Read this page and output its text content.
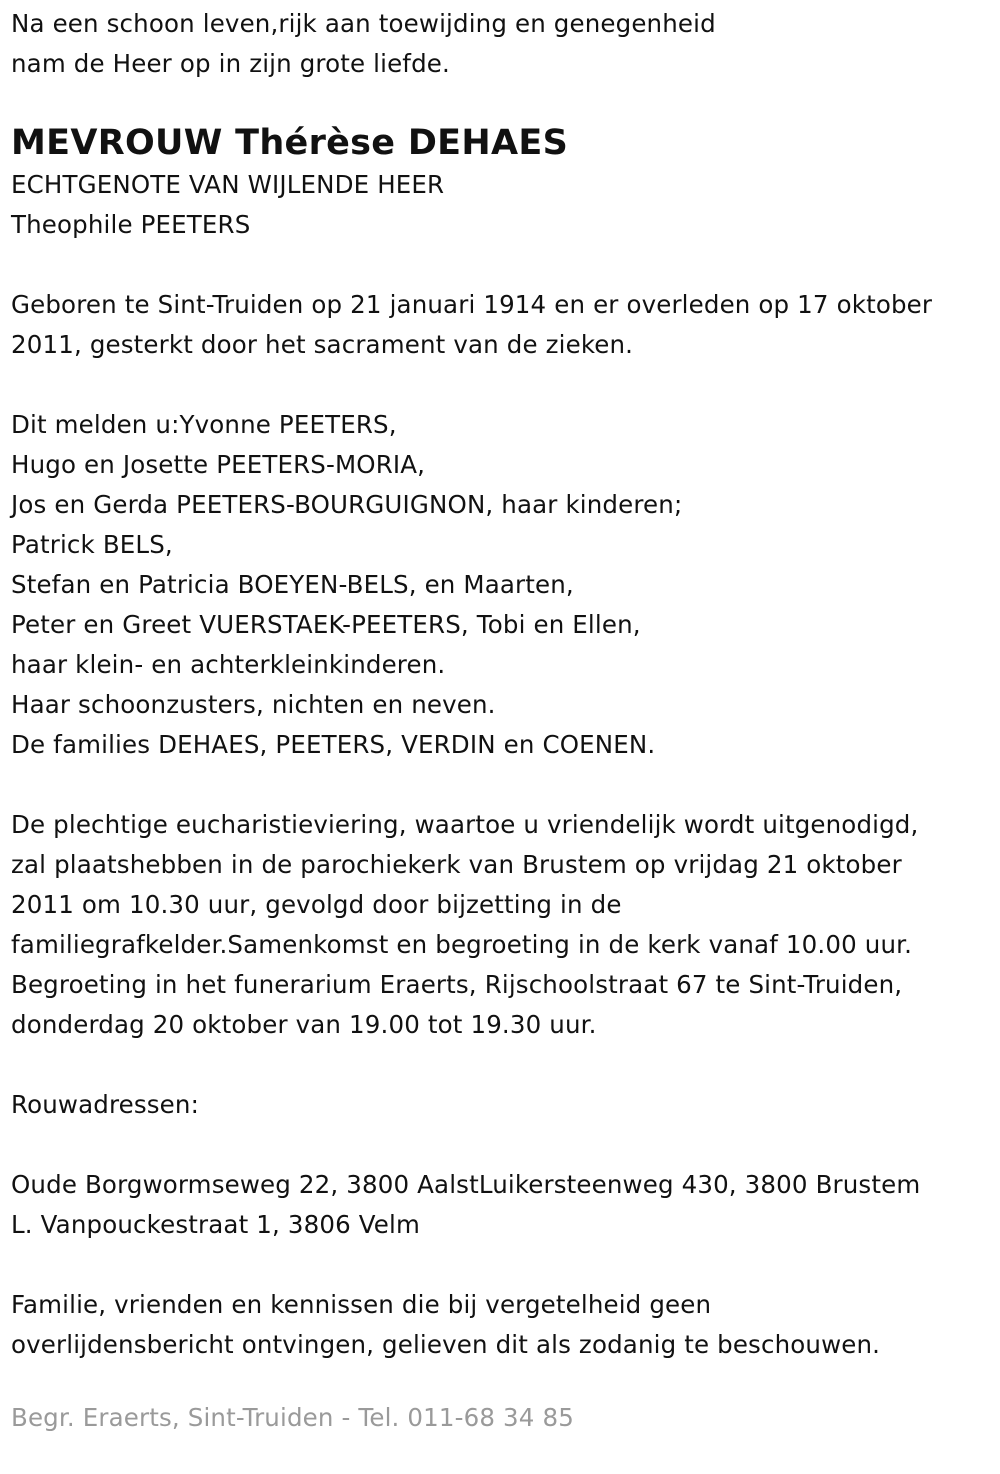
Na een schoon leven,rijk aan toewijding en genegenheid
nam de Heer op in zijn grote liefde.
MEVROUW Thérèse DEHAES
ECHTGENOTE VAN WIJLENDE HEER
Theophile PEETERS
Geboren te Sint-Truiden op 21 januari 1914 en er overleden op 17 oktober
2011, gesterkt door het sacrament van de zieken.
Dit melden u:Yvonne PEETERS,
Hugo en Josette PEETERS-MORIA,
Jos en Gerda PEETERS-BOURGUIGNON, haar kinderen;
Patrick BELS,
Stefan en Patricia BOEYEN-BELS, en Maarten,
Peter en Greet VUERSTAEK-PEETERS, Tobi en Ellen,
haar klein- en achterkleinkinderen.
Haar schoonzusters, nichten en neven.
De families DEHAES, PEETERS, VERDIN en COENEN.
De plechtige eucharistieviering, waartoe u vriendelijk wordt uitgenodigd,
zal plaatshebben in de parochiekerk van Brustem op vrijdag 21 oktober
2011 om 10.30 uur, gevolgd door bijzetting in de
familiegrafkelder.Samenkomst en begroeting in de kerk vanaf 10.00 uur.
Begroeting in het funerarium Eraerts, Rijschoolstraat 67 te Sint-Truiden,
donderdag 20 oktober van 19.00 tot 19.30 uur.
Rouwadressen:
Oude Borgwormseweg 22, 3800 AalstLuikersteenweg 430, 3800 Brustem
L. Vanpouckestraat 1, 3806 Velm
Familie, vrienden en kennissen die bij vergetelheid geen
overlijdensbericht ontvingen, gelieven dit als zodanig te beschouwen.
Begr. Eraerts, Sint-Truiden - Tel. 011-68 34 85
